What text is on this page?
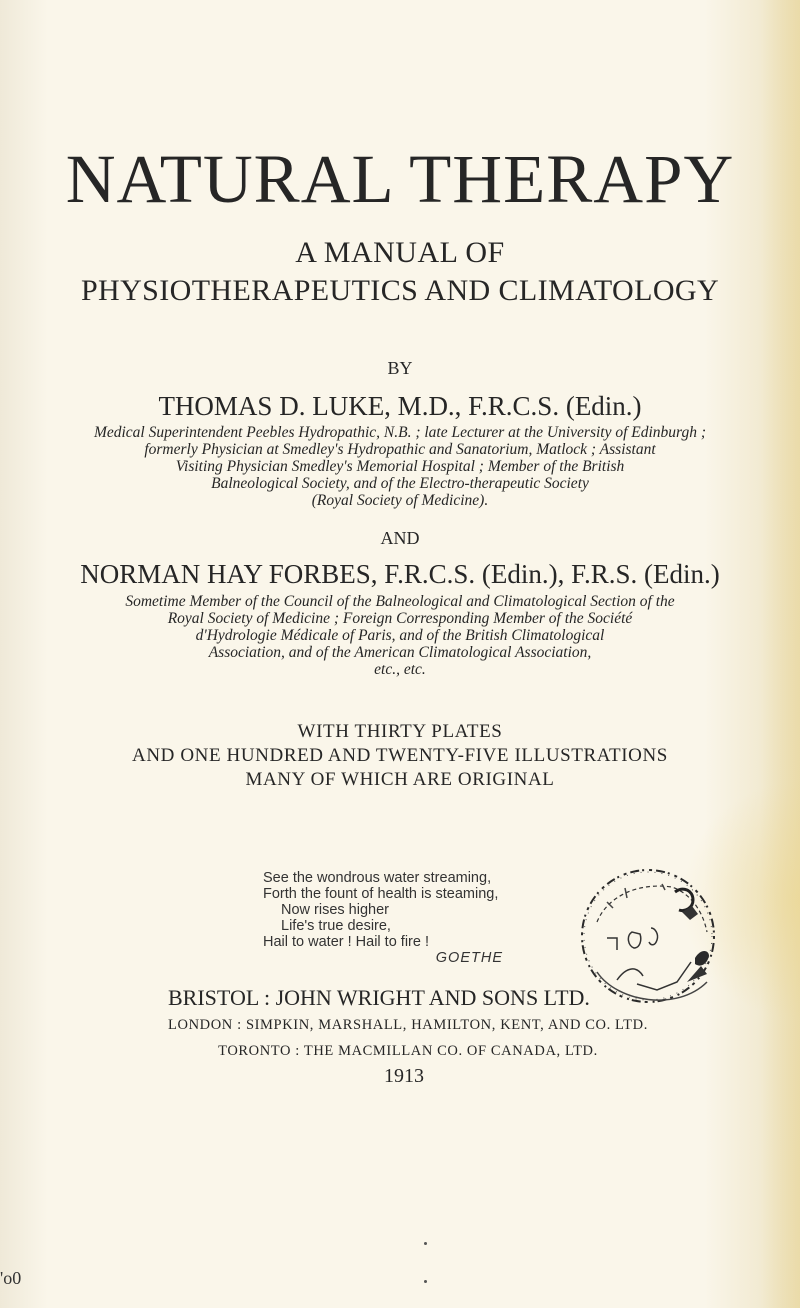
NATURAL THERAPY
A MANUAL OF
PHYSIOTHERAPEUTICS AND CLIMATOLOGY
BY
THOMAS D. LUKE, M.D., F.R.C.S. (Edin.)
Medical Superintendent Peebles Hydropathic, N.B. ; late Lecturer at the University of Edinburgh ;
formerly Physician at Smedley's Hydropathic and Sanatorium, Matlock ; Assistant
Visiting Physician Smedley's Memorial Hospital ; Member of the British
Balneological Society, and of the Electro-therapeutic Society
(Royal Society of Medicine).
AND
NORMAN HAY FORBES, F.R.C.S. (Edin.), F.R.S. (Edin.)
Sometime Member of the Council of the Balneological and Climatological Section of the
Royal Society of Medicine ; Foreign Corresponding Member of the Société
d'Hydrologie Médicale of Paris, and of the British Climatological
Association, and of the American Climatological Association,
etc., etc.
WITH THIRTY PLATES
AND ONE HUNDRED AND TWENTY-FIVE ILLUSTRATIONS
MANY OF WHICH ARE ORIGINAL
See the wondrous water streaming,
Forth the fount of health is steaming,
Now rises higher
Life's true desire,
Hail to water ! Hail to fire !
GOETHE
BRISTOL : JOHN WRIGHT AND SONS LTD.
LONDON : SIMPKIN, MARSHALL, HAMILTON, KENT, AND CO. LTD.
TORONTO : THE MACMILLAN CO. OF CANADA, LTD.
1913
'o0
